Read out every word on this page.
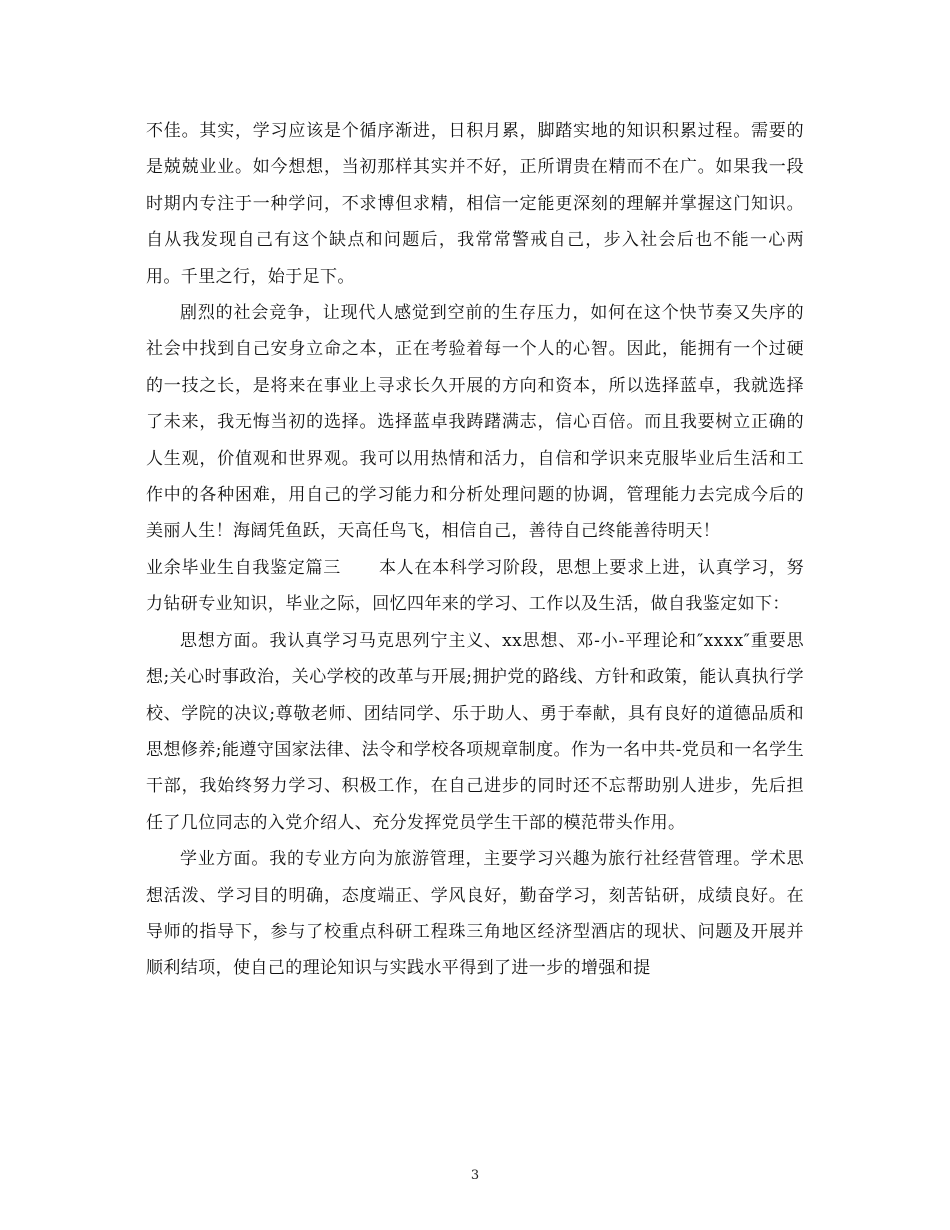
不佳。其实，学习应该是个循序渐进，日积月累，脚踏实地的知识积累过程。需要的是兢兢业业。如今想想，当初那样其实并不好，正所谓贵在精而不在广。如果我一段时期内专注于一种学问，不求博但求精，相信一定能更深刻的理解并掌握这门知识。自从我发现自己有这个缺点和问题后，我常常警戒自己，步入社会后也不能一心两用。千里之行，始于足下。

剧烈的社会竞争，让现代人感觉到空前的生存压力，如何在这个快节奏又失序的社会中找到自己安身立命之本，正在考验着每一个人的心智。因此，能拥有一个过硬的一技之长，是将来在事业上寻求长久开展的方向和资本，所以选择蓝卓，我就选择了未来，我无悔当初的选择。选择蓝卓我踌躇满志，信心百倍。而且我要树立正确的人生观，价值观和世界观。我可以用热情和活力，自信和学识来克服毕业后生活和工作中的各种困难，用自己的学习能力和分析处理问题的协调，管理能力去完成今后的美丽人生！海阔凭鱼跃，天高任鸟飞，相信自己，善待自己终能善待明天！

业余毕业生自我鉴定篇三 本人在本科学习阶段，思想上要求上进，认真学习，努力钻研专业知识，毕业之际，回忆四年来的学习、工作以及生活，做自我鉴定如下：

思想方面。我认真学习马克思列宁主义、xx思想、邓-小-平理论和″xxxx″重要思想;关心时事政治，关心学校的改革与开展;拥护党的路线、方针和政策，能认真执行学校、学院的决议;尊敬老师、团结同学、乐于助人、勇于奉献，具有良好的道德品质和思想修养;能遵守国家法律、法令和学校各项规章制度。作为一名中共-党员和一名学生干部，我始终努力学习、积极工作，在自己进步的同时还不忘帮助别人进步，先后担任了几位同志的入党介绍人、充分发挥党员学生干部的模范带头作用。

学业方面。我的专业方向为旅游管理，主要学习兴趣为旅行社经营管理。学术思想活泼、学习目的明确，态度端正、学风良好，勤奋学习，刻苦钻研，成绩良好。在导师的指导下，参与了校重点科研工程珠三角地区经济型酒店的现状、问题及开展并顺利结项，使自己的理论知识与实践水平得到了进一步的增强和提

3
